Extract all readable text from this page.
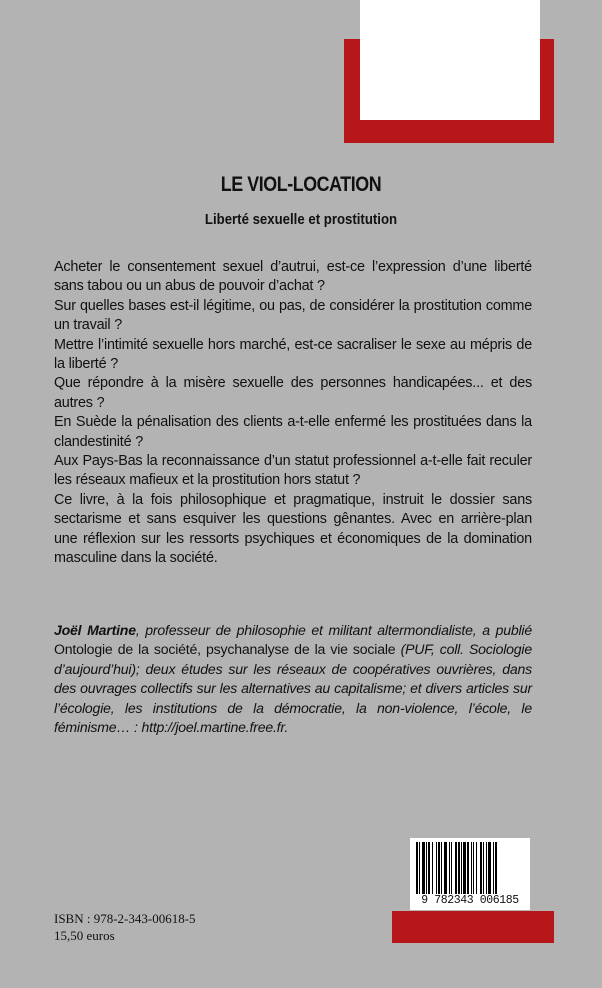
LE VIOL-LOCATION
Liberté sexuelle et prostitution

Acheter le consentement sexuel d’autrui, est-ce l’expression d’une liberté sans tabou ou un abus de pouvoir d’achat ?

Sur quelles bases est-il légitime, ou pas, de considérer la prostitution comme un travail ?

Mettre l’intimité sexuelle hors marché, est-ce sacraliser le sexe au mépris de la liberté ?

Que répondre à la misère sexuelle des personnes handicapées... et des autres ?

En Suède la pénalisation des clients a-t-elle enfermé les prostituées dans la clandestinité ?

Aux Pays-Bas la reconnaissance d’un statut professionnel a-t-elle fait reculer les réseaux mafieux et la prostitution hors statut ?

Ce livre, à la fois philosophique et pragmatique, instruit le dossier sans sectarisme et sans esquiver les questions gênantes. Avec en arrière-plan une réflexion sur les ressorts psychiques et économiques de la domination masculine dans la société.

Joël Martine, professeur de philosophie et militant altermondialiste, a publié Ontologie de la société, psychanalyse de la vie sociale (PUF, coll. Sociologie d’aujourd’hui); deux études sur les réseaux de coopératives ouvrières, dans des ouvrages collectifs sur les alternatives au capitalisme; et divers articles sur l’écologie, les institutions de la démocratie, la non-violence, l’école, le féminisme… : http://joel.martine.free.fr.
ISBN : 978-2-343-00618-5
15,50 euros
9 782343 006185
